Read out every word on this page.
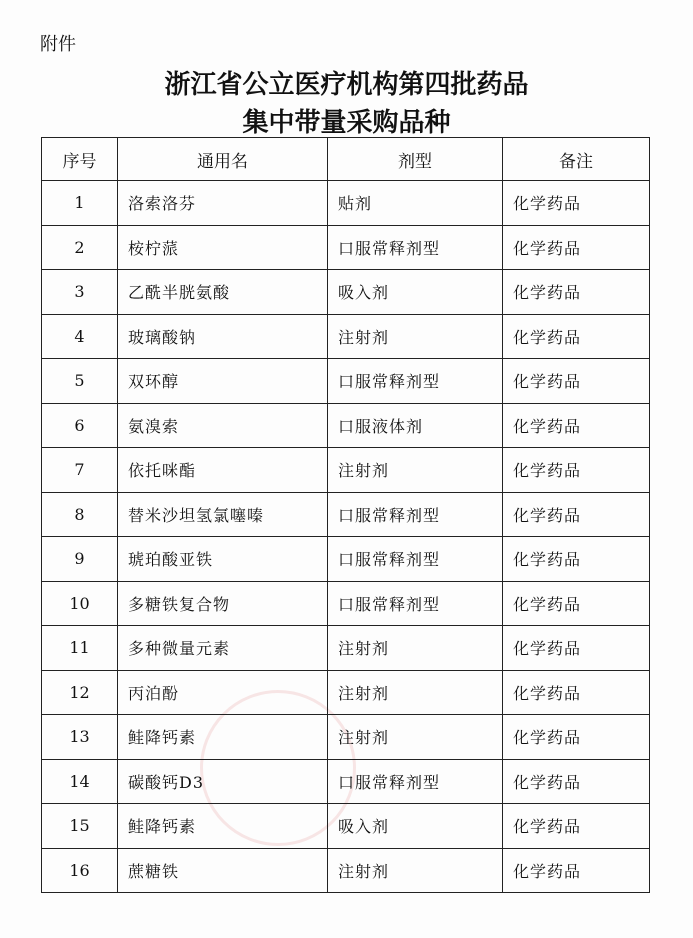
附件
浙江省公立医疗机构第四批药品
集中带量采购品种
序号	通用名	剂型	备注
1	洛索洛芬	贴剂	化学药品
2	桉柠蒎	口服常释剂型	化学药品
3	乙酰半胱氨酸	吸入剂	化学药品
4	玻璃酸钠	注射剂	化学药品
5	双环醇	口服常释剂型	化学药品
6	氨溴索	口服液体剂	化学药品
7	依托咪酯	注射剂	化学药品
8	替米沙坦氢氯噻嗪	口服常释剂型	化学药品
9	琥珀酸亚铁	口服常释剂型	化学药品
10	多糖铁复合物	口服常释剂型	化学药品
11	多种微量元素	注射剂	化学药品
12	丙泊酚	注射剂	化学药品
13	鲑降钙素	注射剂	化学药品
14	碳酸钙D3	口服常释剂型	化学药品
15	鲑降钙素	吸入剂	化学药品
16	蔗糖铁	注射剂	化学药品
